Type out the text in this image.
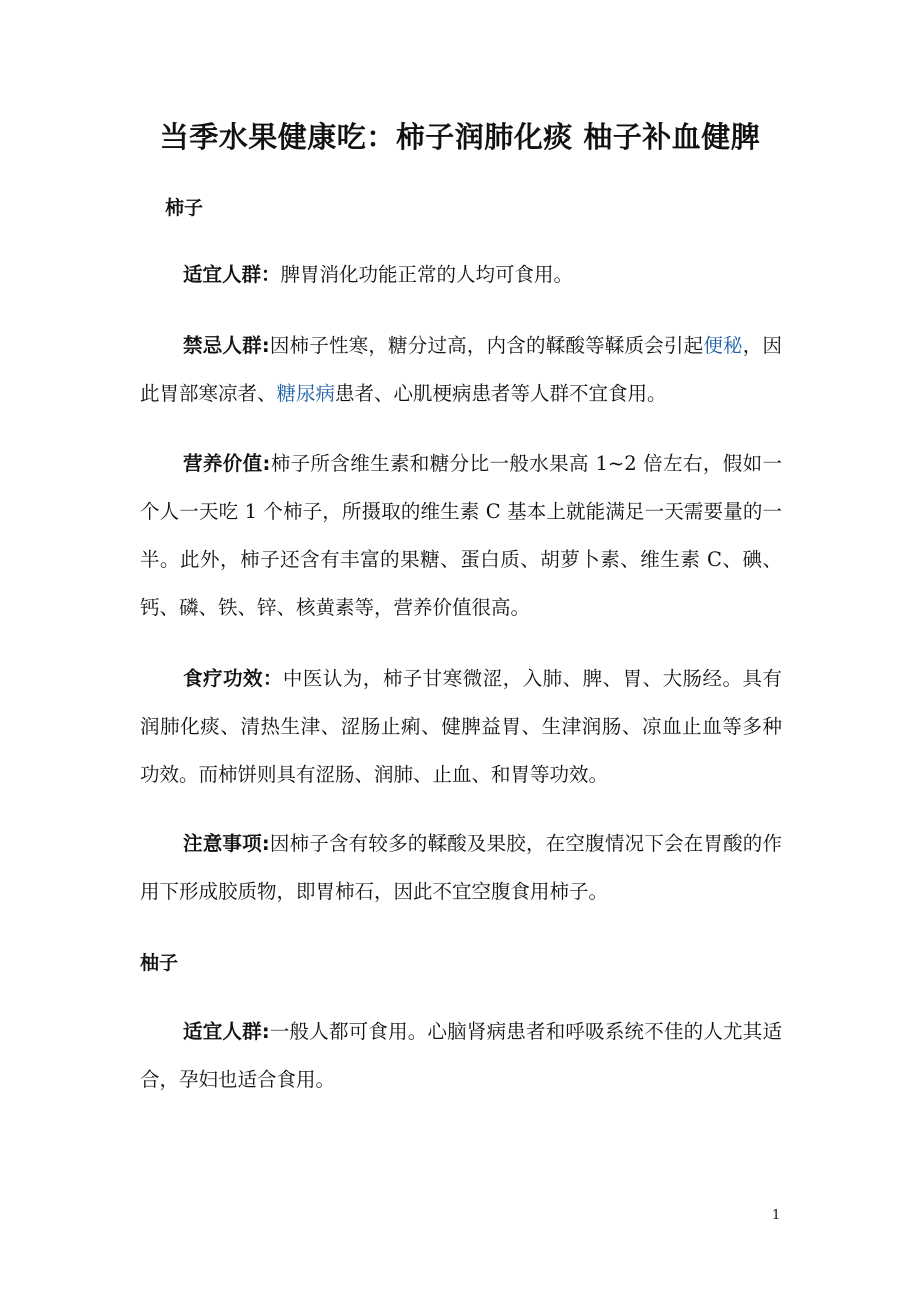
当季水果健康吃：柿子润肺化痰 柚子补血健脾
柿子

适宜人群：脾胃消化功能正常的人均可食用。

禁忌人群:因柿子性寒，糖分过高，内含的鞣酸等鞣质会引起便秘，因此胃部寒凉者、糖尿病患者、心肌梗病患者等人群不宜食用。

营养价值:柿子所含维生素和糖分比一般水果高 1~2 倍左右，假如一个人一天吃 1 个柿子，所摄取的维生素 C 基本上就能满足一天需要量的一半。此外，柿子还含有丰富的果糖、蛋白质、胡萝卜素、维生素 C、碘、钙、磷、铁、锌、核黄素等，营养价值很高。

食疗功效：中医认为，柿子甘寒微涩，入肺、脾、胃、大肠经。具有润肺化痰、清热生津、涩肠止痢、健脾益胃、生津润肠、凉血止血等多种功效。而柿饼则具有涩肠、润肺、止血、和胃等功效。

注意事项:因柿子含有较多的鞣酸及果胶，在空腹情况下会在胃酸的作用下形成胶质物，即胃柿石，因此不宜空腹食用柿子。

柚子

适宜人群:一般人都可食用。心脑肾病患者和呼吸系统不佳的人尤其适合，孕妇也适合食用。

1
